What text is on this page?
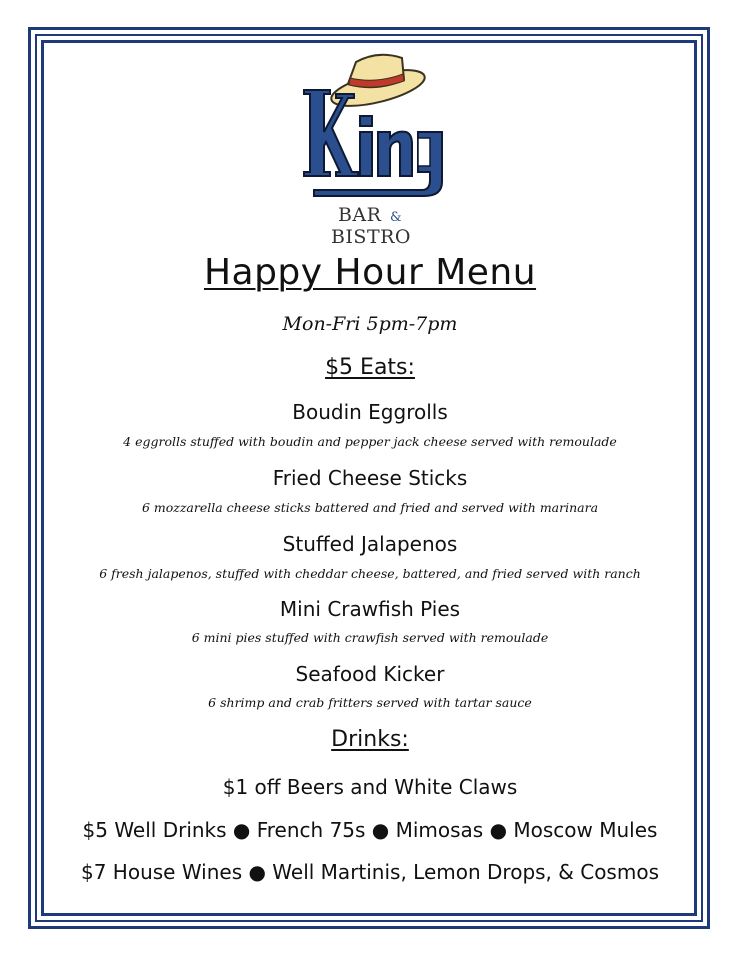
BAR & BISTRO
Happy Hour Menu
Mon-Fri 5pm-7pm
$5 Eats:
Boudin Eggrolls
4 eggrolls stuffed with boudin and pepper jack cheese served with remoulade
Fried Cheese Sticks
6 mozzarella cheese sticks battered and fried and served with marinara
Stuffed Jalapenos
6 fresh jalapenos, stuffed with cheddar cheese, battered, and fried served with ranch
Mini Crawfish Pies
6 mini pies stuffed with crawfish served with remoulade
Seafood Kicker
6 shrimp and crab fritters served with tartar sauce
Drinks:
$1 off Beers and White Claws
$5 Well Drinks ● French 75s ● Mimosas ● Moscow Mules
$7 House Wines ● Well Martinis, Lemon Drops, & Cosmos
